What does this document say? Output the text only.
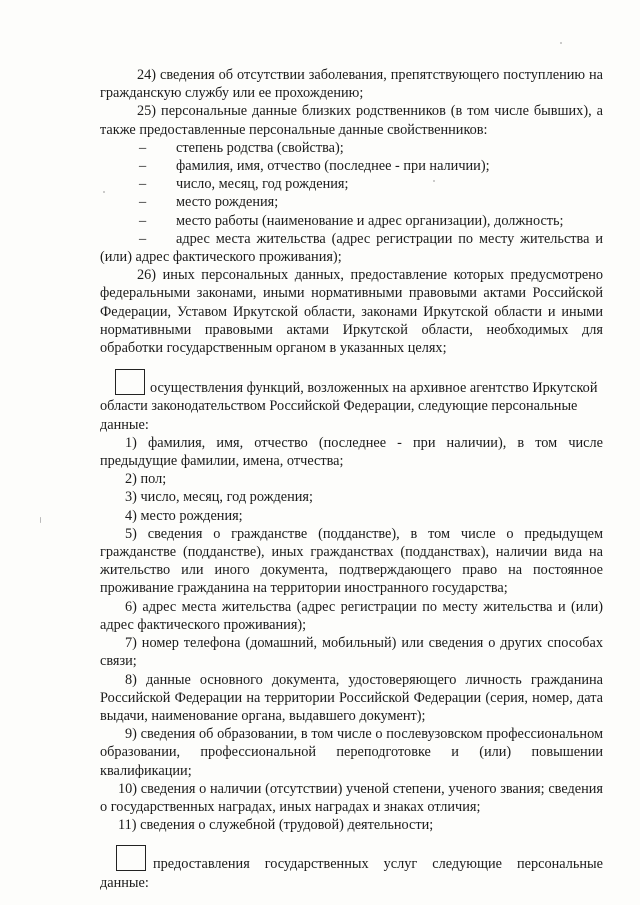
24) сведения об отсутствии заболевания, препятствующего поступлению на гражданскую службу или ее прохождению;

25) персональные данные близких родственников (в том числе бывших), а также предоставленные персональные данные свойственников:

– степень родства (свойства);

– фамилия, имя, отчество (последнее - при наличии);

– число, месяц, год рождения;

– место рождения;

– место работы (наименование и адрес организации), должность;

– адрес места жительства (адрес регистрации по месту жительства и (или) адрес фактического проживания);

26) иных персональных данных, предоставление которых предусмотрено федеральными законами, иными нормативными правовыми актами Российской Федерации, Уставом Иркутской области, законами Иркутской области и иными нормативными правовыми актами Иркутской области, необходимых для обработки государственным органом в указанных целях;

осуществления функций, возложенных на архивное агентство Иркутской области законодательством Российской Федерации, следующие персональные данные:

1) фамилия, имя, отчество (последнее - при наличии), в том числе предыдущие фамилии, имена, отчества;

2) пол;

3) число, месяц, год рождения;

4) место рождения;

5) сведения о гражданстве (подданстве), в том числе о предыдущем гражданстве (подданстве), иных гражданствах (подданствах), наличии вида на жительство или иного документа, подтверждающего право на постоянное проживание гражданина на территории иностранного государства;

6) адрес места жительства (адрес регистрации по месту жительства и (или) адрес фактического проживания);

7) номер телефона (домашний, мобильный) или сведения о других способах связи;

8) данные основного документа, удостоверяющего личность гражданина Российской Федерации на территории Российской Федерации (серия, номер, дата выдачи, наименование органа, выдавшего документ);

9) сведения об образовании, в том числе о послевузовском профессиональном образовании, профессиональной переподготовке и (или) повышении квалификации;

10) сведения о наличии (отсутствии) ученой степени, ученого звания; сведения о государственных наградах, иных наградах и знаках отличия;

11) сведения о служебной (трудовой) деятельности;

предоставления государственных услуг следующие персональные данные:
